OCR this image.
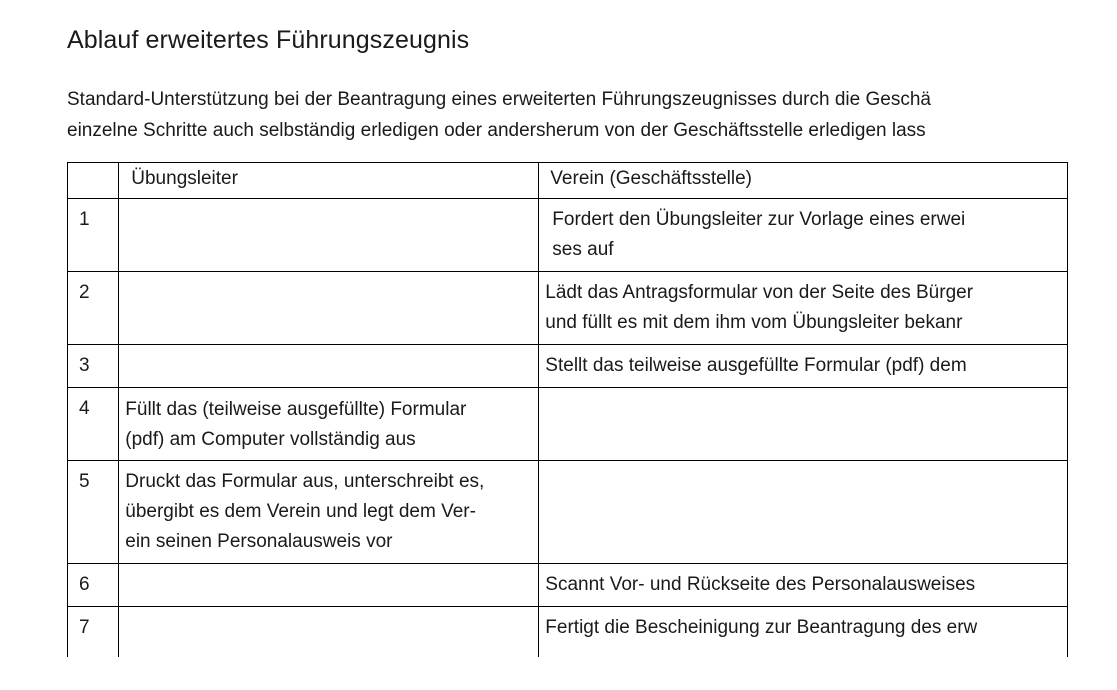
Ablauf erweitertes Führungszeugnis
Standard-Unterstützung bei der Beantragung eines erweiterten Führungszeugnisses durch die Geschä
einzelne Schritte auch selbständig erledigen oder andersherum von der Geschäftsstelle erledigen lass

	Übungsleiter	Verein (Geschäftsstelle)

1		Fordert den Übungsleiter zur Vorlage eines erwei
ses auf

2		Lädt das Antragsformular von der Seite des Bürger
und füllt es mit dem ihm vom Übungsleiter bekanr

3		Stellt das teilweise ausgefüllte Formular (pdf) dem

4	Füllt das (teilweise ausgefüllte) Formular
(pdf) am Computer vollständig aus	

5	Druckt das Formular aus, unterschreibt es,
übergibt es dem Verein und legt dem Ver-
ein seinen Personalausweis vor	

6		Scannt Vor- und Rückseite des Personalausweises

7		Fertigt die Bescheinigung zur Beantragung des erw
